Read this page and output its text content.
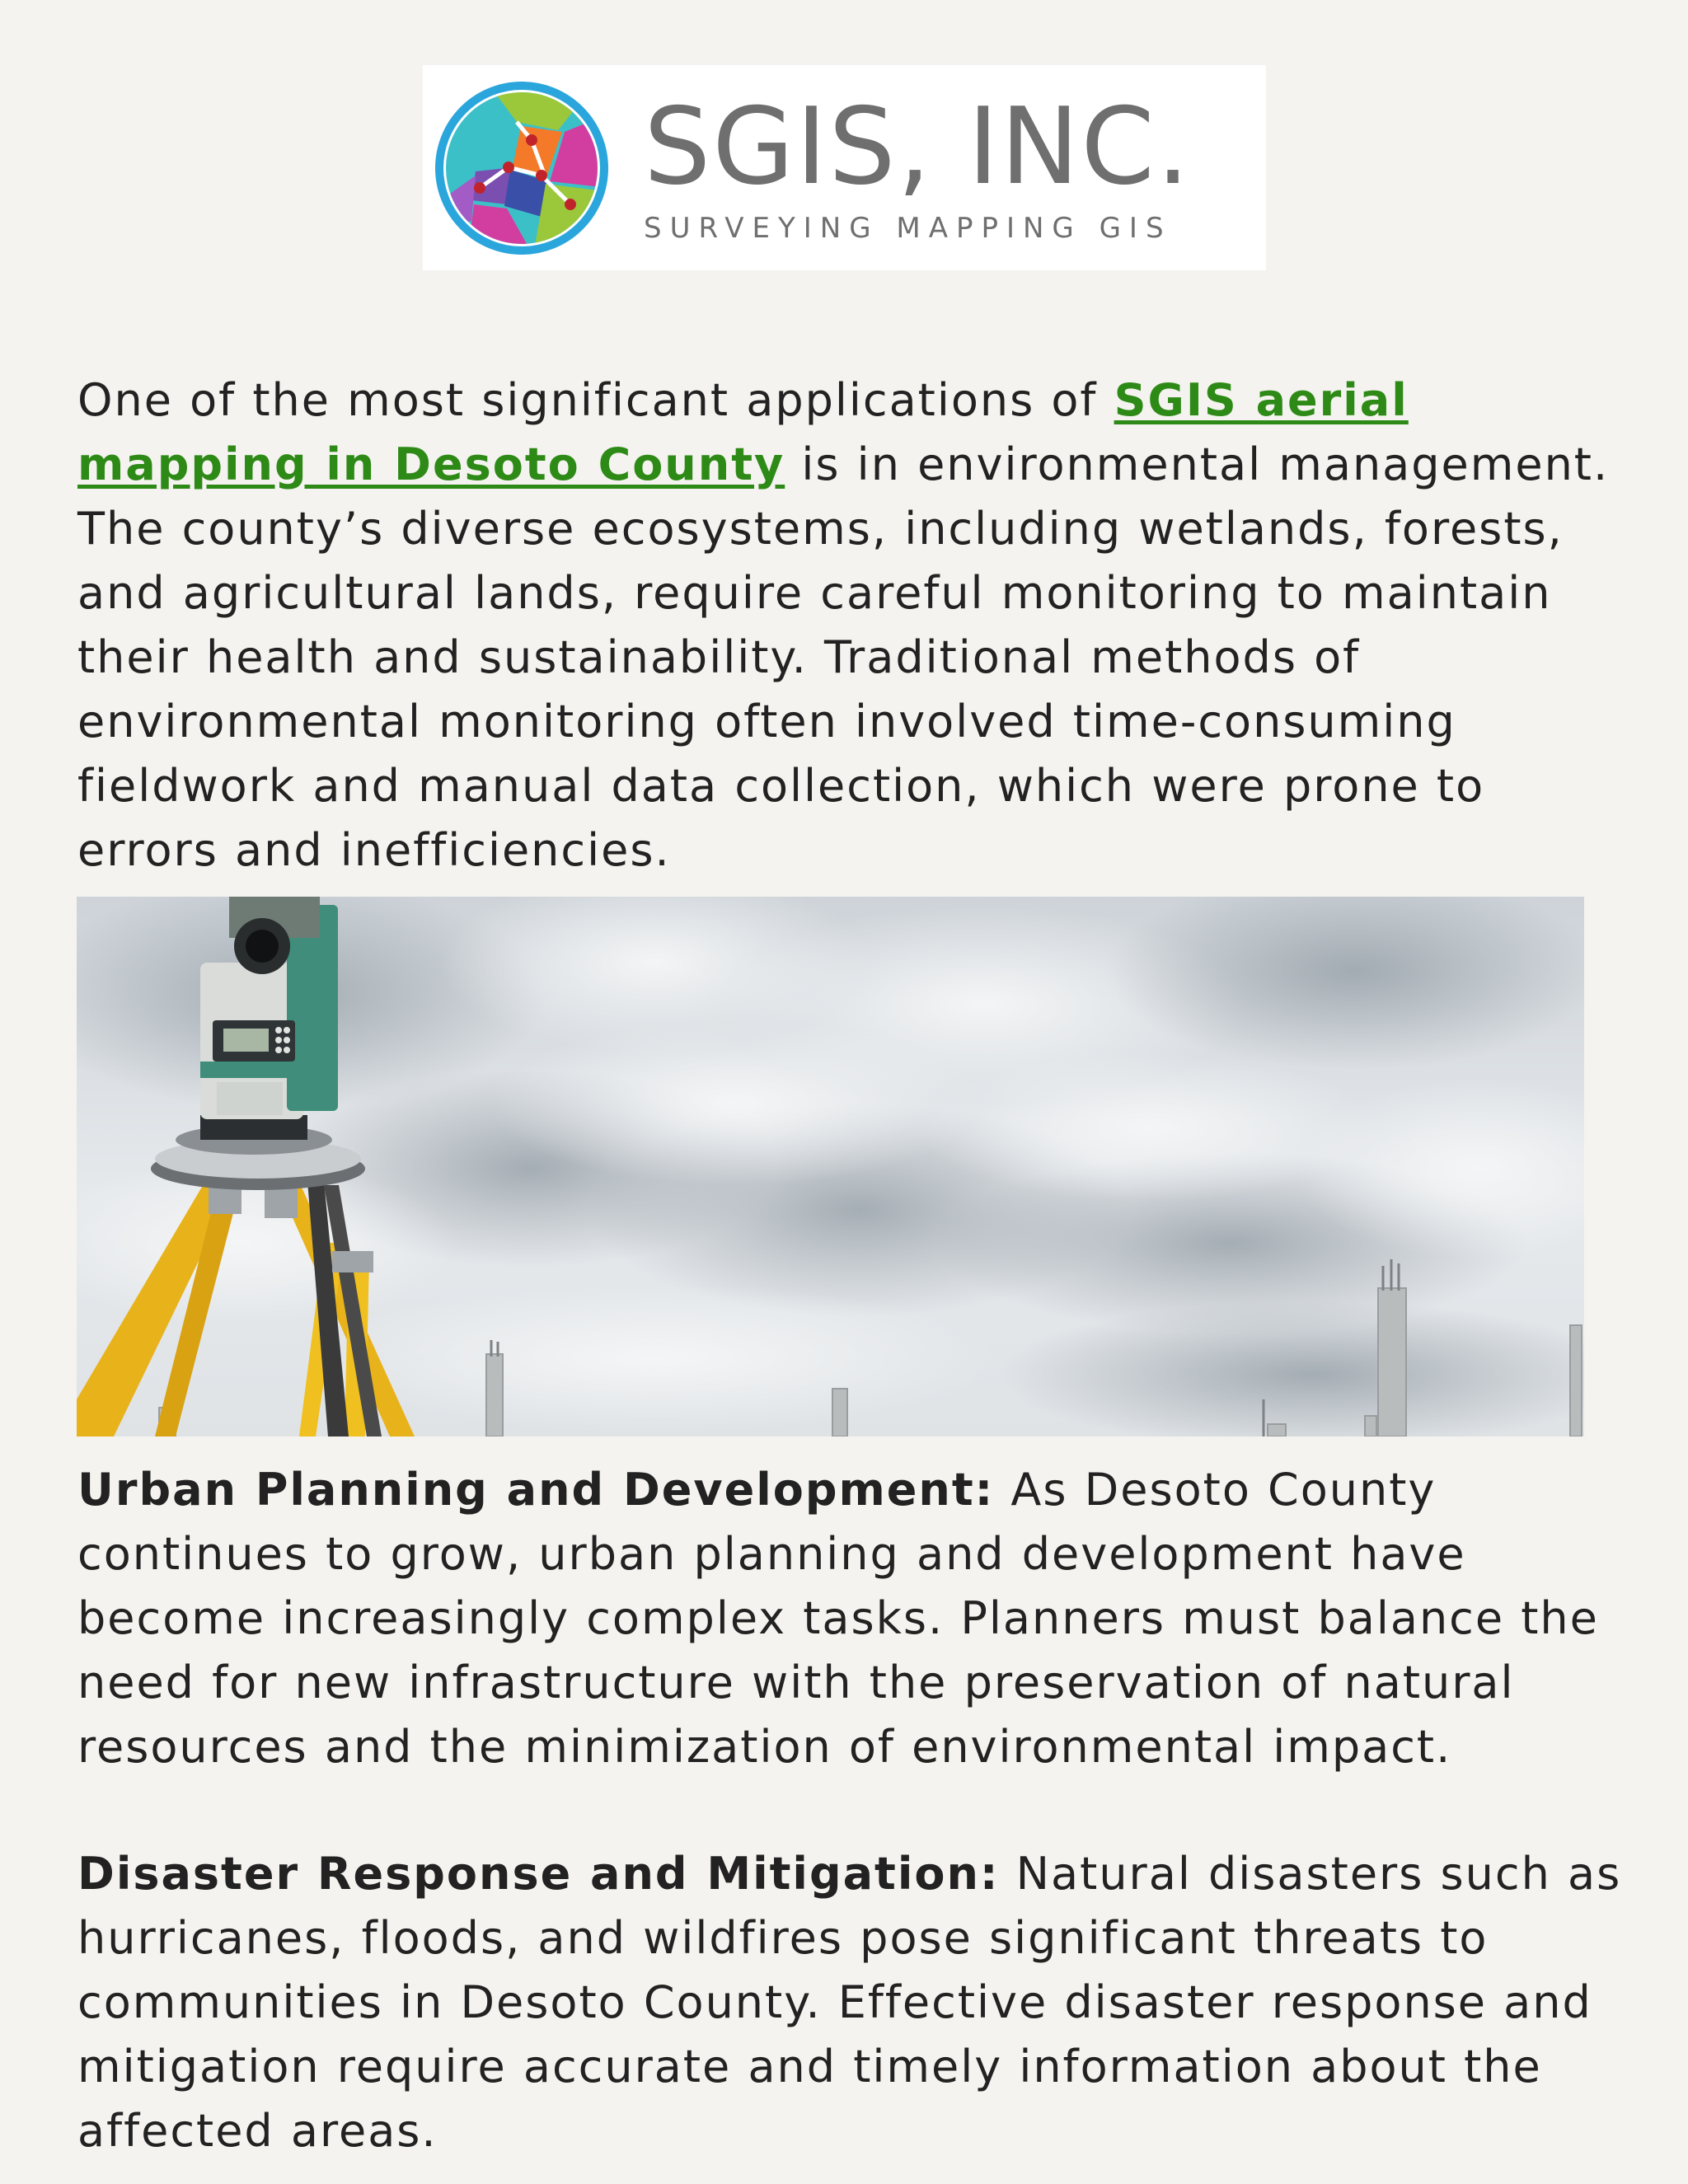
SGIS, INC.
SURVEYING MAPPING GIS

One of the most significant applications of SGIS aerial mapping in Desoto County is in environmental management. The county’s diverse ecosystems, including wetlands, forests, and agricultural lands, require careful monitoring to maintain their health and sustainability. Traditional methods of environmental monitoring often involved time-consuming fieldwork and manual data collection, which were prone to errors and inefficiencies.

Urban Planning and Development: As Desoto County continues to grow, urban planning and development have become increasingly complex tasks. Planners must balance the need for new infrastructure with the preservation of natural resources and the minimization of environmental impact.

Disaster Response and Mitigation: Natural disasters such as hurricanes, floods, and wildfires pose significant threats to communities in Desoto County. Effective disaster response and mitigation require accurate and timely information about the affected areas.
